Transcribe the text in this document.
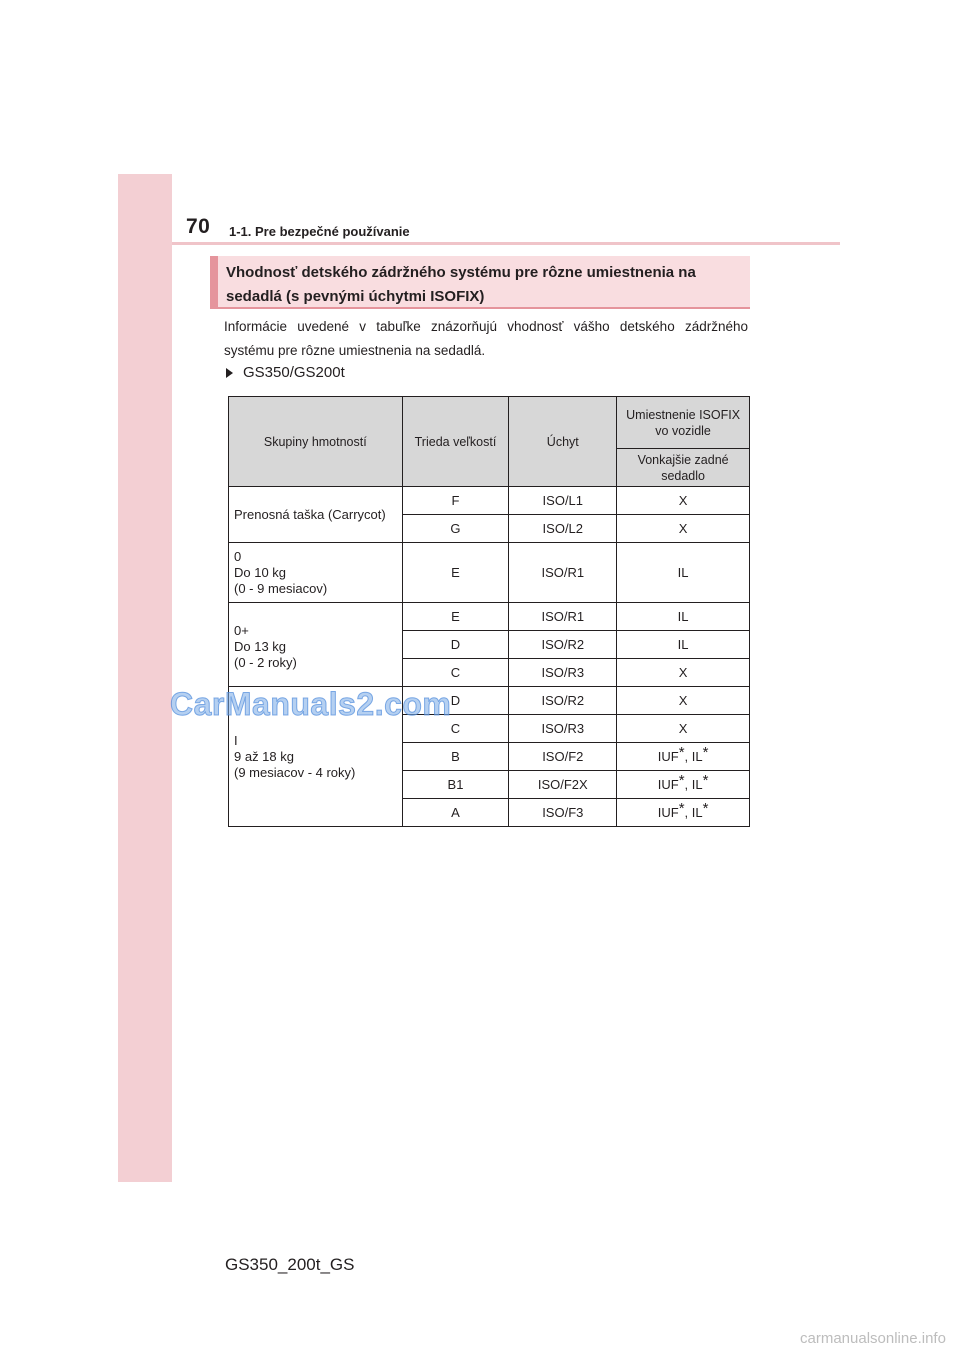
70 1-1. Pre bezpečné používanie
Vhodnosť detského zádržného systému pre rôzne umiestnenia na
sedadlá (s pevnými úchytmi ISOFIX)

Informácie uvedené v tabuľke znázorňujú vhodnosť vášho detského zádržného systému pre rôzne umiestnenia na sedadlá.

GS350/GS200t
Skupiny hmotností	Trieda veľkostí	Úchyt	Umiestnenie ISOFIX vo vozidle
			Vonkajšie zadné sedadlo

Prenosná taška (Carrycot)	F	ISO/L1	X
	G	ISO/L2	X

0
Do 10 kg
(0 - 9 mesiacov)	E	ISO/R1	IL

0+
Do 13 kg
(0 - 2 roky)	E	ISO/R1	IL
	D	ISO/R2	IL
	C	ISO/R3	X

I
9 až 18 kg
(9 mesiacov - 4 roky)	D	ISO/R2	X
	C	ISO/R3	X
	B	ISO/F2	IUF*, IL*
	B1	ISO/F2X	IUF*, IL*
	A	ISO/F3	IUF*, IL*
CarManuals2.com
GS350_200t_GS
carmanualsonline.info
